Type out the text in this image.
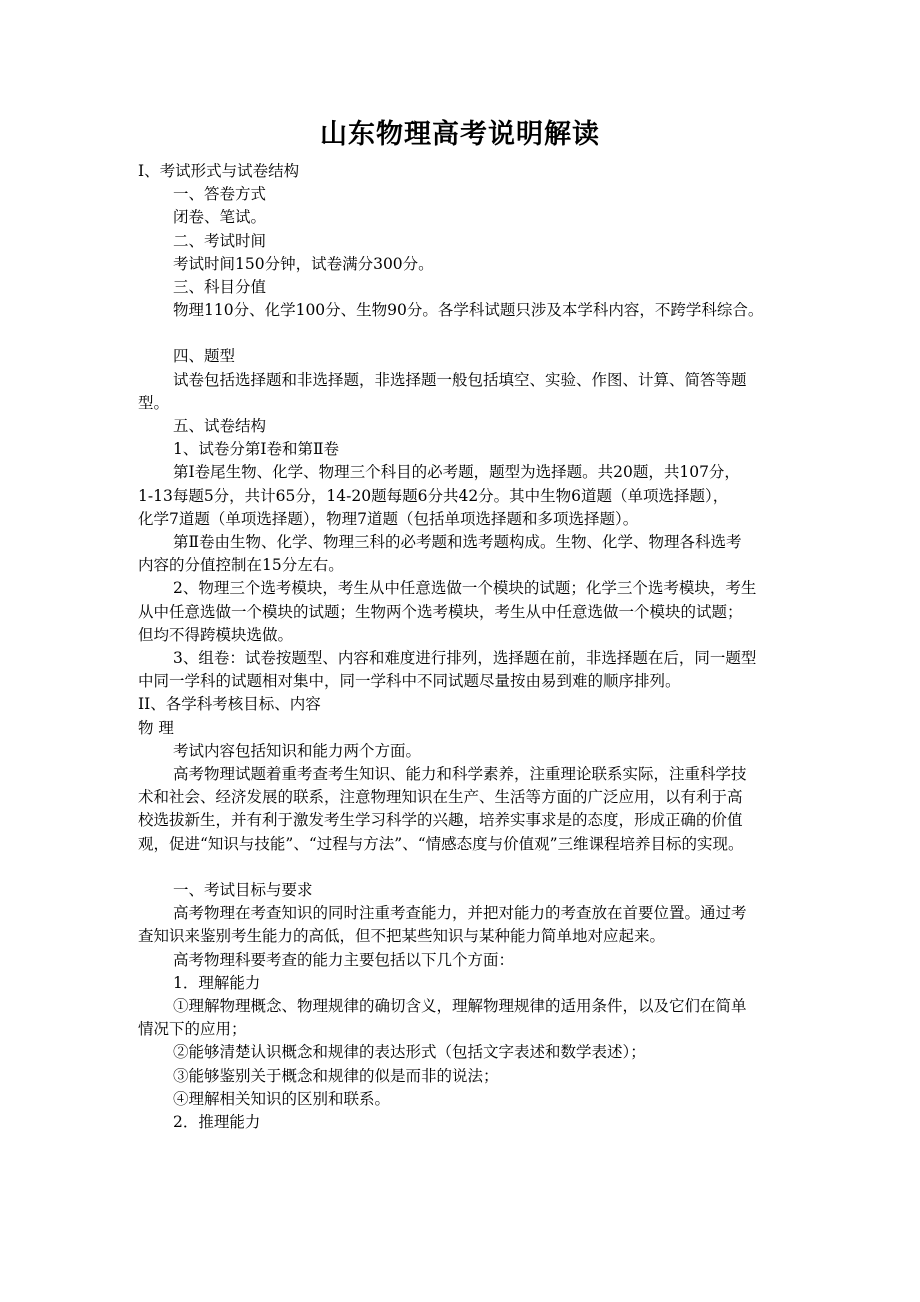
山东物理高考说明解读

I、考试形式与试卷结构

一、答卷方式

闭卷、笔试。

二、考试时间

考试时间150分钟，试卷满分300分。

三、科目分值

物理110分、化学100分、生物90分。各学科试题只涉及本学科内容，不跨学科综合。

四、题型

试卷包括选择题和非选择题，非选择题一般包括填空、实验、作图、计算、简答等题

型。

五、试卷结构

1、试卷分第Ⅰ卷和第Ⅱ卷

第Ⅰ卷尾生物、化学、物理三个科目的必考题，题型为选择题。共20题，共107分，

1-13每题5分，共计65分，14-20题每题6分共42分。其中生物6道题（单项选择题），

化学7道题（单项选择题），物理7道题（包括单项选择题和多项选择题）。

第Ⅱ卷由生物、化学、物理三科的必考题和选考题构成。生物、化学、物理各科选考

内容的分值控制在15分左右。

2、物理三个选考模块，考生从中任意选做一个模块的试题；化学三个选考模块，考生

从中任意选做一个模块的试题；生物两个选考模块，考生从中任意选做一个模块的试题；

但均不得跨模块选做。

3、组卷：试卷按题型、内容和难度进行排列，选择题在前，非选择题在后，同一题型

中同一学科的试题相对集中，同一学科中不同试题尽量按由易到难的顺序排列。

II、各学科考核目标、内容

物 理

考试内容包括知识和能力两个方面。

高考物理试题着重考查考生知识、能力和科学素养，注重理论联系实际，注重科学技

术和社会、经济发展的联系，注意物理知识在生产、生活等方面的广泛应用，以有利于高

校选拔新生，并有利于激发考生学习科学的兴趣，培养实事求是的态度，形成正确的价值

观，促进“知识与技能”、“过程与方法”、“情感态度与价值观”三维课程培养目标的实现。

一、考试目标与要求

高考物理在考查知识的同时注重考查能力，并把对能力的考查放在首要位置。通过考

查知识来鉴别考生能力的高低，但不把某些知识与某种能力简单地对应起来。

高考物理科要考查的能力主要包括以下几个方面：

1．理解能力

①理解物理概念、物理规律的确切含义，理解物理规律的适用条件，以及它们在简单

情况下的应用；

②能够清楚认识概念和规律的表达形式（包括文字表述和数学表述）；

③能够鉴别关于概念和规律的似是而非的说法；

④理解相关知识的区别和联系。

2．推理能力
